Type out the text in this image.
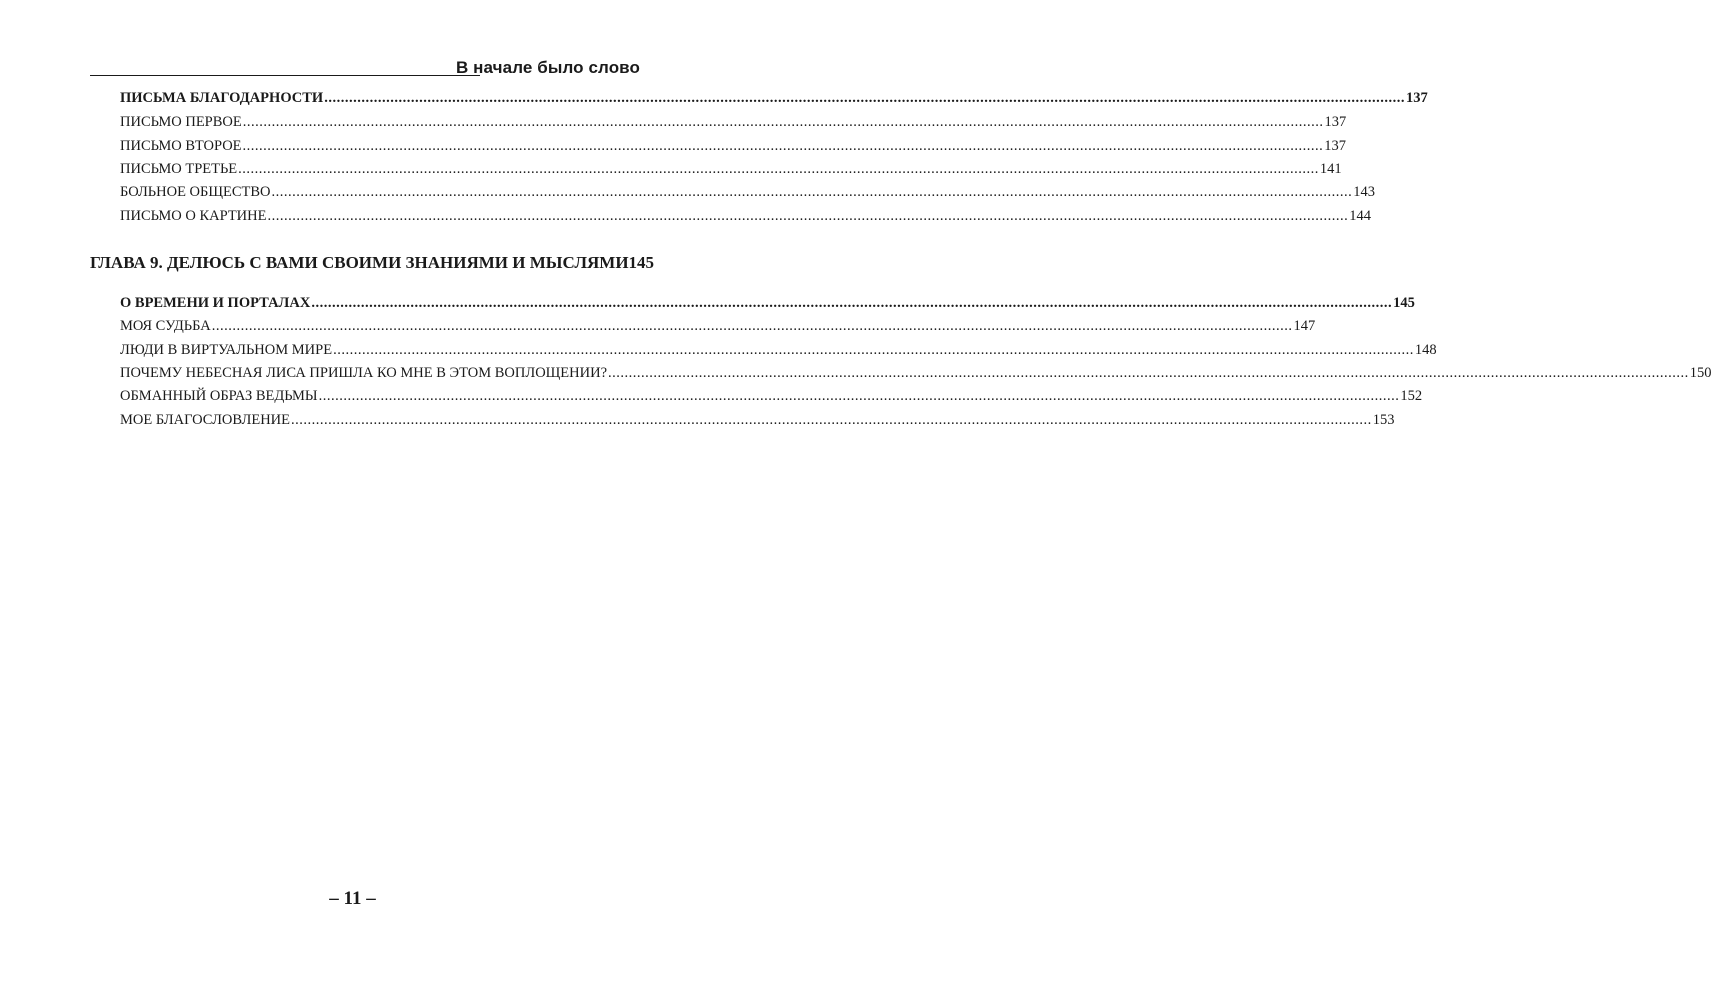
В начале было слово
ПИСЬМА БЛАГОДАРНОСТИ .....	137
ПИСЬМО ПЕРВОЕ .....	137
ПИСЬМО ВТОРОЕ .....	137
ПИСЬМО ТРЕТЬЕ .....	141
БОЛЬНОЕ ОБЩЕСТВО .....	143
ПИСЬМО О КАРТИНЕ .....	144
ГЛАВА 9. ДЕЛЮСЬ С ВАМИ СВОИМИ ЗНАНИЯМИ И МЫСЛЯМИ 145
О ВРЕМЕНИ И ПОРТАЛАХ .....	145
МОЯ СУДЬБА .....	147
ЛЮДИ В ВИРТУАЛЬНОМ МИРЕ .....	148
ПОЧЕМУ НЕБЕСНАЯ ЛИСА ПРИШЛА КО МНЕ В ЭТОМ ВОПЛОЩЕНИИ? .....	150
ОБМАННЫЙ ОБРАЗ ВЕДЬМЫ .....	152
МОЕ БЛАГОСЛОВЛЕНИЕ .....	153
– 11 –
